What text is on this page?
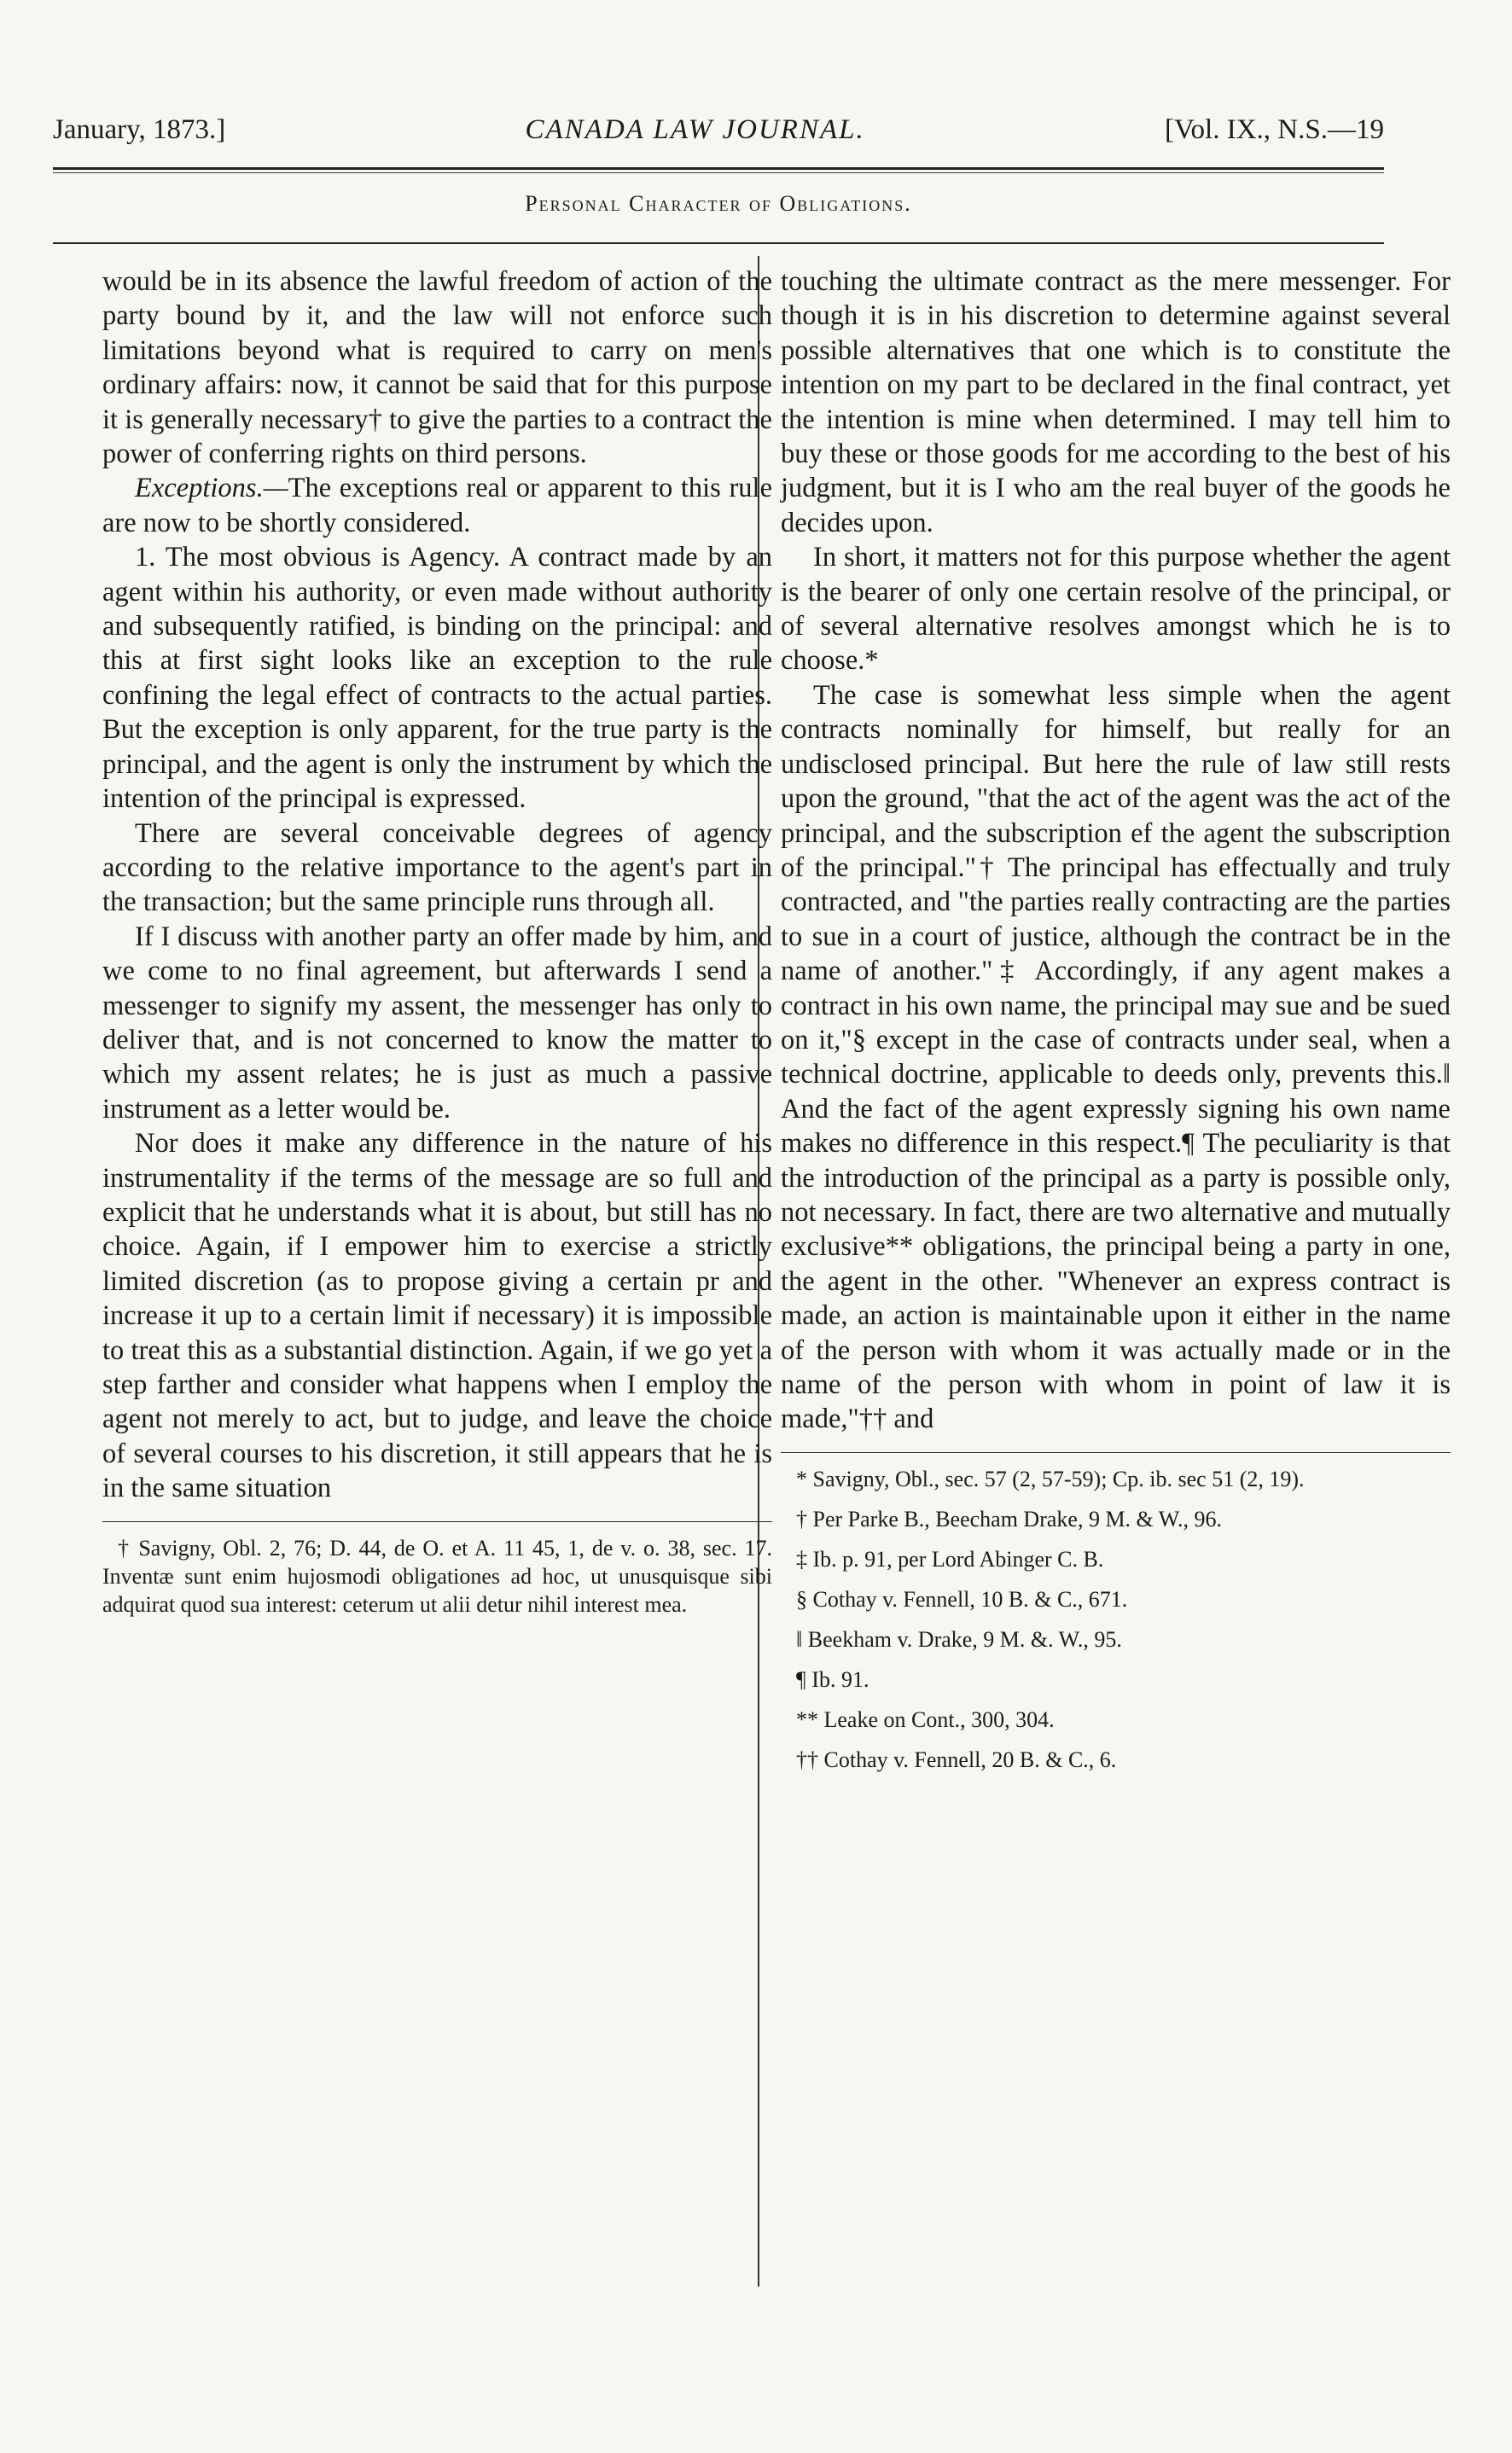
January, 1873.]	CANADA LAW JOURNAL.	[Vol. IX., N.S.—19
Personal Character of Obligations.

would be in its absence the lawful freedom of action of the party bound by it, and the law will not enforce such limitations beyond what is required to carry on men's ordinary affairs: now, it cannot be said that for this purpose it is generally necessary† to give the parties to a contract the power of conferring rights on third persons.

Exceptions.—The exceptions real or apparent to this rule are now to be shortly considered.

1. The most obvious is Agency. A contract made by an agent within his authority, or even made without authority and subsequently ratified, is binding on the principal: and this at first sight looks like an exception to the rule confining the legal effect of contracts to the actual parties. But the exception is only apparent, for the true party is the principal, and the agent is only the instrument by which the intention of the principal is expressed.

There are several conceivable degrees of agency according to the relative importance to the agent's part in the transaction; but the same principle runs through all.

If I discuss with another party an offer made by him, and we come to no final agreement, but afterwards I send a messenger to signify my assent, the messenger has only to deliver that, and is not concerned to know the matter to which my assent relates; he is just as much a passive instrument as a letter would be.

Nor does it make any difference in the nature of his instrumentality if the terms of the message are so full and explicit that he understands what it is about, but still has no choice. Again, if I empower him to exercise a strictly limited discretion (as to propose giving a certain pr and increase it up to a certain limit if necessary) it is impossible to treat this as a substantial distinction. Again, if we go yet a step farther and consider what happens when I employ the agent not merely to act, but to judge, and leave the choice of several courses to his discretion, it still appears that he is in the same situation

† Savigny, Obl. 2, 76; D. 44, de O. et A. 11 45, 1, de v. o. 38, sec. 17. Inventæ sunt enim hujosmodi obligationes ad hoc, ut unusquisque sibi adquirat quod sua interest: ceterum ut alii detur nihil interest mea.

touching the ultimate contract as the mere messenger. For though it is in his discretion to determine against several possible alternatives that one which is to constitute the intention on my part to be declared in the final contract, yet the intention is mine when determined. I may tell him to buy these or those goods for me according to the best of his judgment, but it is I who am the real buyer of the goods he decides upon.

In short, it matters not for this purpose whether the agent is the bearer of only one certain resolve of the principal, or of several alternative resolves amongst which he is to choose.*

The case is somewhat less simple when the agent contracts nominally for himself, but really for an undisclosed principal. But here the rule of law still rests upon the ground, "that the act of the agent was the act of the principal, and the subscription ef the agent the subscription of the principal."† The principal has effectually and truly contracted, and "the parties really contracting are the parties to sue in a court of justice, although the contract be in the name of another."‡ Accordingly, if any agent makes a contract in his own name, the principal may sue and be sued on it,"§ except in the case of contracts under seal, when a technical doctrine, applicable to deeds only, prevents this.‖ And the fact of the agent expressly signing his own name makes no difference in this respect.¶ The peculiarity is that the introduction of the principal as a party is possible only, not necessary. In fact, there are two alternative and mutually exclusive** obligations, the principal being a party in one, the agent in the other. "Whenever an express contract is made, an action is maintainable upon it either in the name of the person with whom it was actually made or in the name of the person with whom in point of law it is made,"†† and

* Savigny, Obl., sec. 57 (2, 57-59); Cp. ib. sec 51 (2, 19).

† Per Parke B., Beecham Drake, 9 M. & W., 96.

‡ Ib. p. 91, per Lord Abinger C. B.

§ Cothay v. Fennell, 10 B. & C., 671.

‖ Beekham v. Drake, 9 M. &. W., 95.

¶ Ib. 91.

** Leake on Cont., 300, 304.

†† Cothay v. Fennell, 20 B. & C., 6.
